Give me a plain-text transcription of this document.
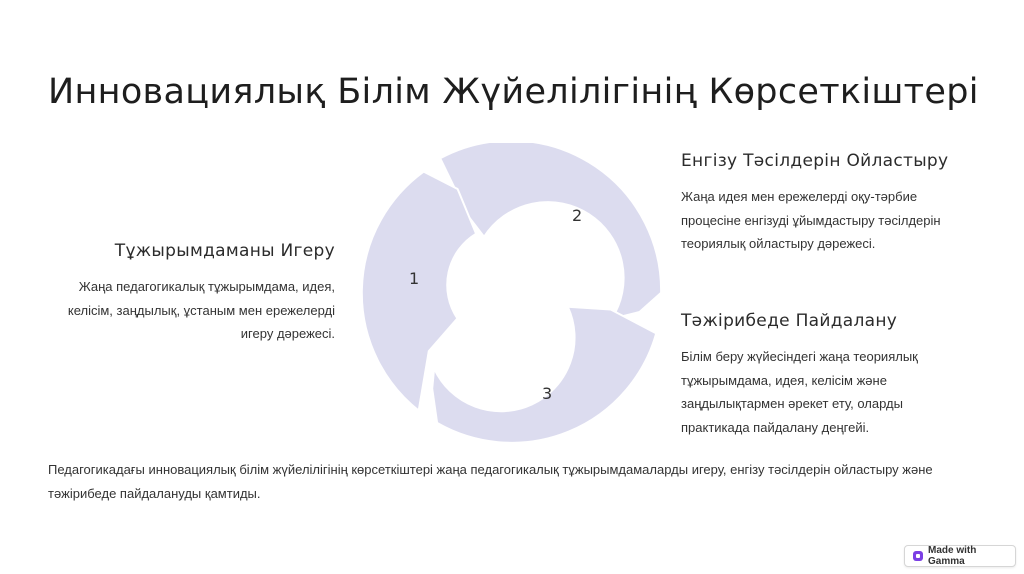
Инновациялық Білім Жүйелілігінің Көрсеткіштері
1
2
3
Тұжырымдаманы Игеру

Жаңа педагогикалық тұжырымдама, идея, келісім, заңдылық, ұстаным мен ережелерді игеру дәрежесі.

Енгізу Тәсілдерін Ойластыру

Жаңа идея мен ережелерді оқу-тәрбие процесіне енгізуді ұйымдастыру тәсілдерін теориялық ойластыру дәрежесі.

Тәжірибеде Пайдалану

Білім беру жүйесіндегі жаңа теориялық тұжырымдама, идея, келісім және заңдылықтармен әрекет ету, оларды практикада пайдалану деңгейі.

Педагогикадағы инновациялық білім жүйелілігінің көрсеткіштері жаңа педагогикалық тұжырымдамаларды игеру, енгізу тәсілдерін ойластыру және тәжірибеде пайдалануды қамтиды.

Made with Gamma
